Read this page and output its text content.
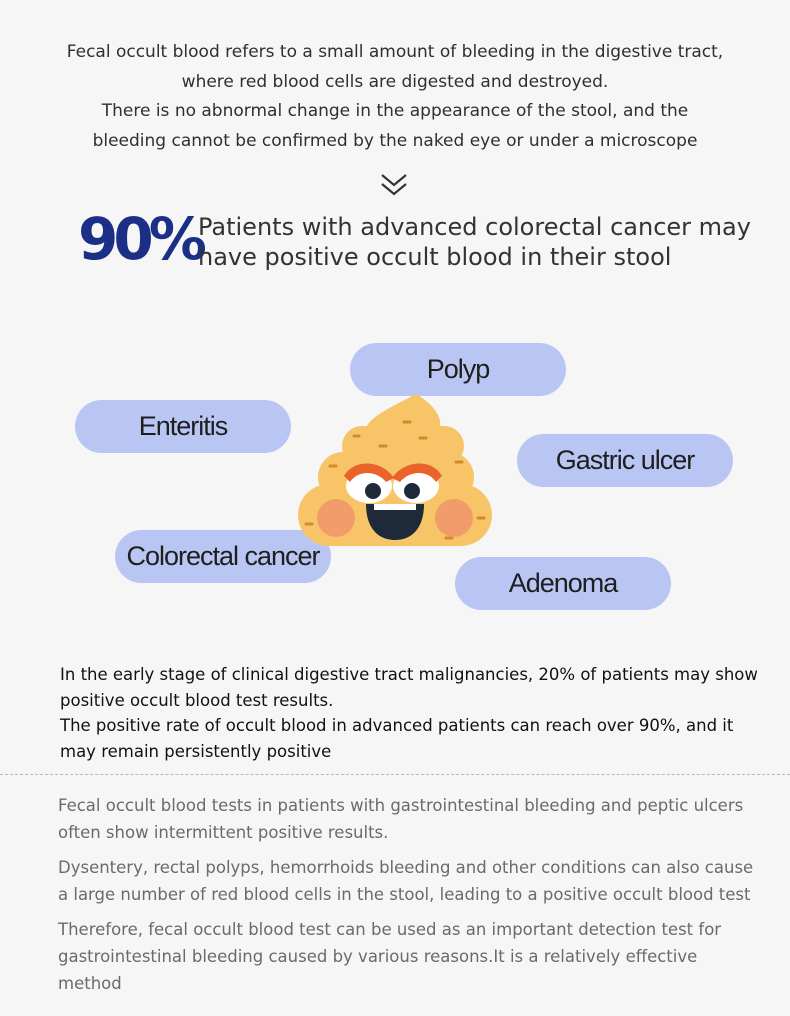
Fecal occult blood refers to a small amount of bleeding in the digestive tract,

where red blood cells are digested and destroyed.

There is no abnormal change in the appearance of the stool, and the

bleeding cannot be confirmed by the naked eye or under a microscope

90%

Patients with advanced colorectal cancer may

have positive occult blood in their stool

Polyp
Enteritis
Gastric ulcer
Colorectal cancer
Adenoma

In the early stage of clinical digestive tract malignancies, 20% of patients may show positive occult blood test results.

The positive rate of occult blood in advanced patients can reach over 90%, and it may remain persistently positive

Fecal occult blood tests in patients with gastrointestinal bleeding and peptic ulcers often show intermittent positive results.

Dysentery, rectal polyps, hemorrhoids bleeding and other conditions can also cause a large number of red blood cells in the stool, leading to a positive occult blood test

Therefore, fecal occult blood test can be used as an important detection test for gastrointestinal bleeding caused by various reasons.It is a relatively effective method
